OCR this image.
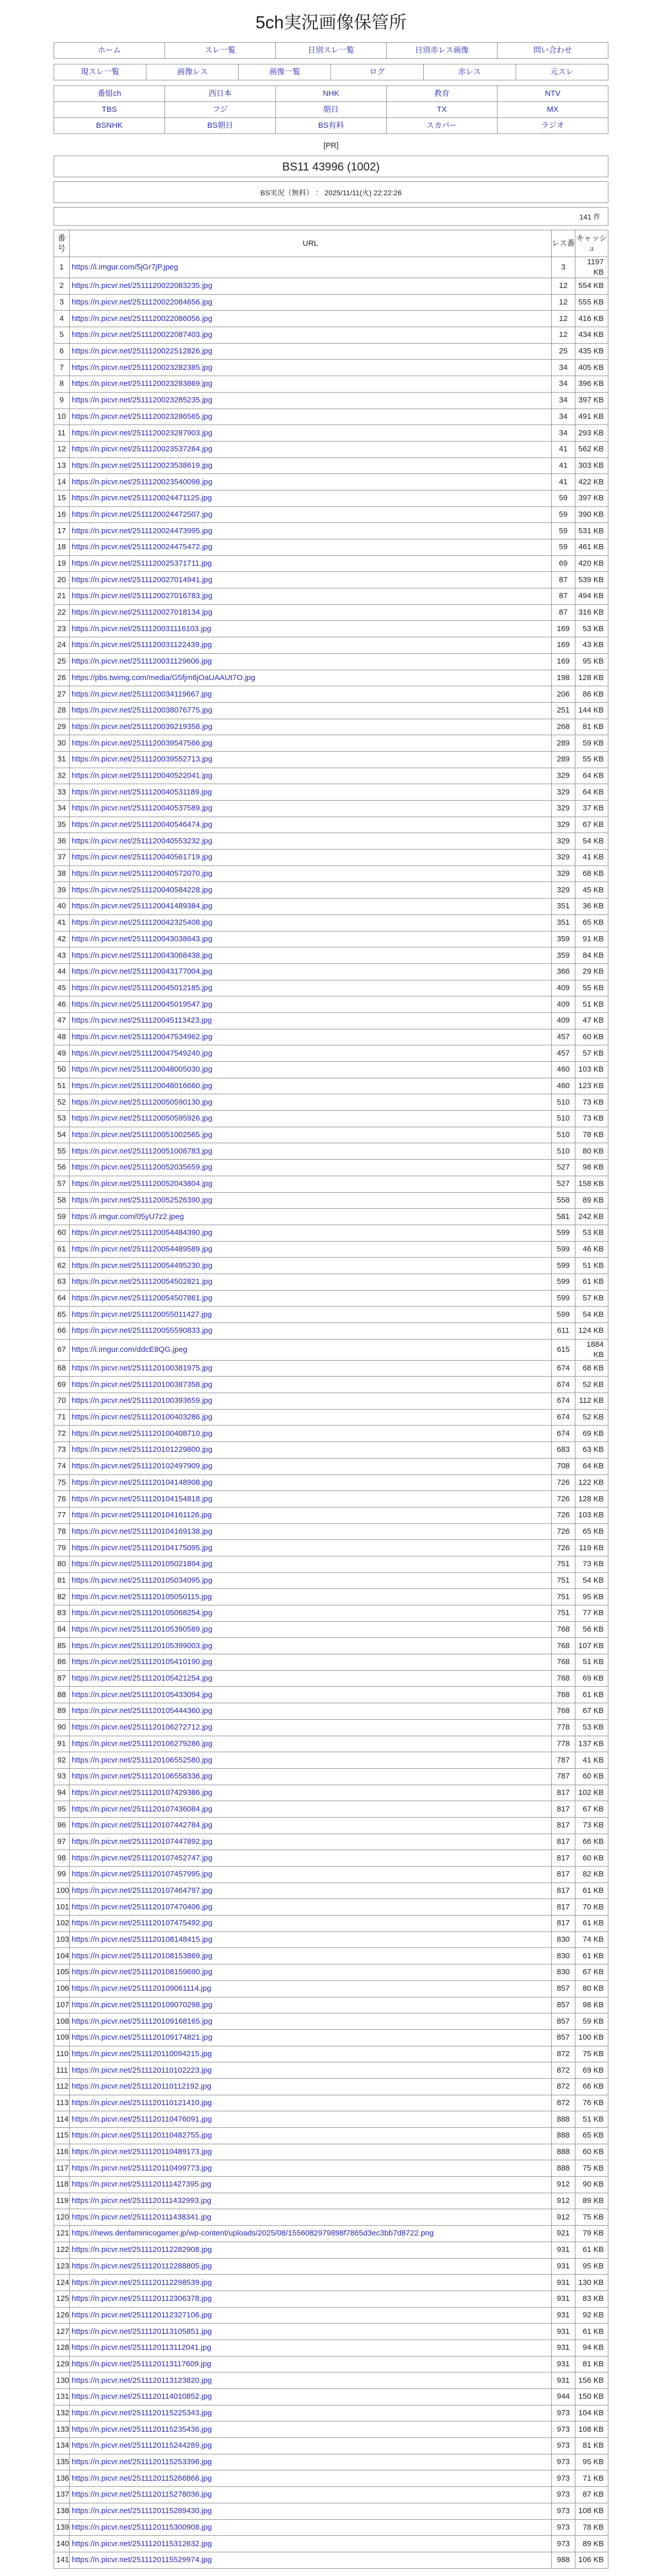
5ch実況画像保管所
ホーム	スレ一覧	日別スレ一覧	日別赤レス画像	問い合わせ
現スレ一覧	画像レス	画像一覧	ログ	赤レス	元スレ
番組ch	西日本	NHK	教育	NTV

TBS	フジ	朝日	TX	MX

BSNHK	BS朝日	BS有料	スカパー	ラジオ
[PR]
BS11 43996 (1002)
BS実況（無料） ： 2025/11/11(火) 22:22:26
141 件
番号	URL	レス番	キャッシュ
1	https://i.imgur.com/5jGr7jP.jpeg	3	1197 KB
2	https://n.picvr.net/2511120022083235.jpg	12	554 KB
3	https://n.picvr.net/2511120022084656.jpg	12	555 KB
4	https://n.picvr.net/2511120022086056.jpg	12	416 KB
5	https://n.picvr.net/2511120022087403.jpg	12	434 KB
6	https://n.picvr.net/2511120022512826.jpg	25	435 KB
7	https://n.picvr.net/2511120023282385.jpg	34	405 KB
8	https://n.picvr.net/2511120023283869.jpg	34	396 KB
9	https://n.picvr.net/2511120023285235.jpg	34	397 KB
10	https://n.picvr.net/2511120023286565.jpg	34	491 KB
11	https://n.picvr.net/2511120023287903.jpg	34	293 KB
12	https://n.picvr.net/2511120023537264.jpg	41	562 KB
13	https://n.picvr.net/2511120023538619.jpg	41	303 KB
14	https://n.picvr.net/2511120023540098.jpg	41	422 KB
15	https://n.picvr.net/2511120024471125.jpg	59	397 KB
16	https://n.picvr.net/2511120024472507.jpg	59	390 KB
17	https://n.picvr.net/2511120024473995.jpg	59	531 KB
18	https://n.picvr.net/2511120024475472.jpg	59	461 KB
19	https://n.picvr.net/2511120025371711.jpg	69	420 KB
20	https://n.picvr.net/2511120027014941.jpg	87	539 KB
21	https://n.picvr.net/2511120027016783.jpg	87	494 KB
22	https://n.picvr.net/2511120027018134.jpg	87	316 KB
23	https://n.picvr.net/2511120031116103.jpg	169	53 KB
24	https://n.picvr.net/2511120031122439.jpg	169	43 KB
25	https://n.picvr.net/2511120031129606.jpg	169	95 KB
26	https://pbs.twimg.com/media/G5fjm6jOaUAAUt7O.jpg	198	128 KB
27	https://n.picvr.net/2511120034119667.jpg	206	86 KB
28	https://n.picvr.net/2511120038076775.jpg	251	144 KB
29	https://n.picvr.net/2511120039219358.jpg	268	81 KB
30	https://n.picvr.net/2511120039547566.jpg	289	59 KB
31	https://n.picvr.net/2511120039552713.jpg	289	55 KB
32	https://n.picvr.net/2511120040522041.jpg	329	64 KB
33	https://n.picvr.net/2511120040531189.jpg	329	64 KB
34	https://n.picvr.net/2511120040537589.jpg	329	37 KB
35	https://n.picvr.net/2511120040546474.jpg	329	67 KB
36	https://n.picvr.net/2511120040553232.jpg	329	54 KB
37	https://n.picvr.net/2511120040561719.jpg	329	41 KB
38	https://n.picvr.net/2511120040572070.jpg	329	68 KB
39	https://n.picvr.net/2511120040584228.jpg	329	45 KB
40	https://n.picvr.net/2511120041489384.jpg	351	36 KB
41	https://n.picvr.net/2511120042325408.jpg	351	65 KB
42	https://n.picvr.net/2511120043038643.jpg	359	91 KB
43	https://n.picvr.net/2511120043068438.jpg	359	84 KB
44	https://n.picvr.net/2511120043177004.jpg	366	29 KB
45	https://n.picvr.net/2511120045012185.jpg	409	55 KB
46	https://n.picvr.net/2511120045019547.jpg	409	51 KB
47	https://n.picvr.net/2511120045113423.jpg	409	47 KB
48	https://n.picvr.net/2511120047534962.jpg	457	60 KB
49	https://n.picvr.net/2511120047549240.jpg	457	57 KB
50	https://n.picvr.net/2511120048005030.jpg	460	103 KB
51	https://n.picvr.net/2511120048016660.jpg	460	123 KB
52	https://n.picvr.net/2511120050590130.jpg	510	73 KB
53	https://n.picvr.net/2511120050595926.jpg	510	73 KB
54	https://n.picvr.net/2511120051002565.jpg	510	78 KB
55	https://n.picvr.net/2511120051008783.jpg	510	80 KB
56	https://n.picvr.net/2511120052035659.jpg	527	98 KB
57	https://n.picvr.net/2511120052043804.jpg	527	158 KB
58	https://n.picvr.net/2511120052526390.jpg	558	89 KB
59	https://i.imgur.com/05yU7z2.jpeg	581	242 KB
60	https://n.picvr.net/2511120054484390.jpg	599	53 KB
61	https://n.picvr.net/2511120054489589.jpg	599	46 KB
62	https://n.picvr.net/2511120054495230.jpg	599	51 KB
63	https://n.picvr.net/2511120054502821.jpg	599	61 KB
64	https://n.picvr.net/2511120054507861.jpg	599	57 KB
65	https://n.picvr.net/2511120055011427.jpg	599	54 KB
66	https://n.picvr.net/2511120055590833.jpg	611	124 KB
67	https://i.imgur.com/ddcE8QG.jpeg	615	1884 KB
68	https://n.picvr.net/2511120100381975.jpg	674	68 KB
69	https://n.picvr.net/2511120100387358.jpg	674	52 KB
70	https://n.picvr.net/2511120100393659.jpg	674	112 KB
71	https://n.picvr.net/2511120100403286.jpg	674	52 KB
72	https://n.picvr.net/2511120100408710.jpg	674	69 KB
73	https://n.picvr.net/2511120101229800.jpg	683	63 KB
74	https://n.picvr.net/2511120102497909.jpg	708	64 KB
75	https://n.picvr.net/2511120104148908.jpg	726	122 KB
76	https://n.picvr.net/2511120104154818.jpg	726	128 KB
77	https://n.picvr.net/2511120104161126.jpg	726	103 KB
78	https://n.picvr.net/2511120104169138.jpg	726	65 KB
79	https://n.picvr.net/2511120104175095.jpg	726	119 KB
80	https://n.picvr.net/2511120105021894.jpg	751	73 KB
81	https://n.picvr.net/2511120105034095.jpg	751	54 KB
82	https://n.picvr.net/2511120105050115.jpg	751	95 KB
83	https://n.picvr.net/2511120105068254.jpg	751	77 KB
84	https://n.picvr.net/2511120105390589.jpg	768	56 KB
85	https://n.picvr.net/2511120105399003.jpg	768	107 KB
86	https://n.picvr.net/2511120105410190.jpg	768	51 KB
87	https://n.picvr.net/2511120105421254.jpg	768	69 KB
88	https://n.picvr.net/2511120105433094.jpg	768	61 KB
89	https://n.picvr.net/2511120105444360.jpg	768	67 KB
90	https://n.picvr.net/2511120106272712.jpg	778	53 KB
91	https://n.picvr.net/2511120106279286.jpg	778	137 KB
92	https://n.picvr.net/2511120106552580.jpg	787	41 KB
93	https://n.picvr.net/2511120106558336.jpg	787	60 KB
94	https://n.picvr.net/2511120107429386.jpg	817	102 KB
95	https://n.picvr.net/2511120107436084.jpg	817	67 KB
96	https://n.picvr.net/2511120107442784.jpg	817	73 KB
97	https://n.picvr.net/2511120107447892.jpg	817	66 KB
98	https://n.picvr.net/2511120107452747.jpg	817	60 KB
99	https://n.picvr.net/2511120107457995.jpg	817	82 KB
100	https://n.picvr.net/2511120107464797.jpg	817	61 KB
101	https://n.picvr.net/2511120107470406.jpg	817	70 KB
102	https://n.picvr.net/2511120107475492.jpg	817	61 KB
103	https://n.picvr.net/2511120108148415.jpg	830	74 KB
104	https://n.picvr.net/2511120108153869.jpg	830	61 KB
105	https://n.picvr.net/2511120108159690.jpg	830	67 KB
106	https://n.picvr.net/2511120109061114.jpg	857	80 KB
107	https://n.picvr.net/2511120109070298.jpg	857	98 KB
108	https://n.picvr.net/2511120109168165.jpg	857	59 KB
109	https://n.picvr.net/2511120109174821.jpg	857	100 KB
110	https://n.picvr.net/2511120110094215.jpg	872	75 KB
111	https://n.picvr.net/2511120110102223.jpg	872	69 KB
112	https://n.picvr.net/2511120110112192.jpg	872	66 KB
113	https://n.picvr.net/2511120110121410.jpg	872	76 KB
114	https://n.picvr.net/2511120110476091.jpg	888	51 KB
115	https://n.picvr.net/2511120110482755.jpg	888	65 KB
116	https://n.picvr.net/2511120110489173.jpg	888	60 KB
117	https://n.picvr.net/2511120110499773.jpg	888	75 KB
118	https://n.picvr.net/2511120111427395.jpg	912	90 KB
119	https://n.picvr.net/2511120111432993.jpg	912	89 KB
120	https://n.picvr.net/2511120111438341.jpg	912	75 KB
121	https://news.denfaminicogamer.jp/wp-content/uploads/2025/08/1556082979898f7865d3ec3bb7d8722.png	921	79 KB
122	https://n.picvr.net/2511120112282908.jpg	931	61 KB
123	https://n.picvr.net/2511120112288805.jpg	931	95 KB
124	https://n.picvr.net/2511120112298539.jpg	931	130 KB
125	https://n.picvr.net/2511120112306378.jpg	931	83 KB
126	https://n.picvr.net/2511120112327106.jpg	931	92 KB
127	https://n.picvr.net/2511120113105851.jpg	931	61 KB
128	https://n.picvr.net/2511120113112041.jpg	931	94 KB
129	https://n.picvr.net/2511120113117609.jpg	931	81 KB
130	https://n.picvr.net/2511120113123820.jpg	931	156 KB
131	https://n.picvr.net/2511120114010852.jpg	944	150 KB
132	https://n.picvr.net/2511120115225343.jpg	973	104 KB
133	https://n.picvr.net/2511120115235436.jpg	973	108 KB
134	https://n.picvr.net/2511120115244289.jpg	973	81 KB
135	https://n.picvr.net/2511120115253396.jpg	973	95 KB
136	https://n.picvr.net/2511120115266866.jpg	973	71 KB
137	https://n.picvr.net/2511120115278036.jpg	973	87 KB
138	https://n.picvr.net/2511120115289430.jpg	973	108 KB
139	https://n.picvr.net/2511120115300908.jpg	973	78 KB
140	https://n.picvr.net/2511120115312632.jpg	973	89 KB
141	https://n.picvr.net/2511120115529974.jpg	988	106 KB
